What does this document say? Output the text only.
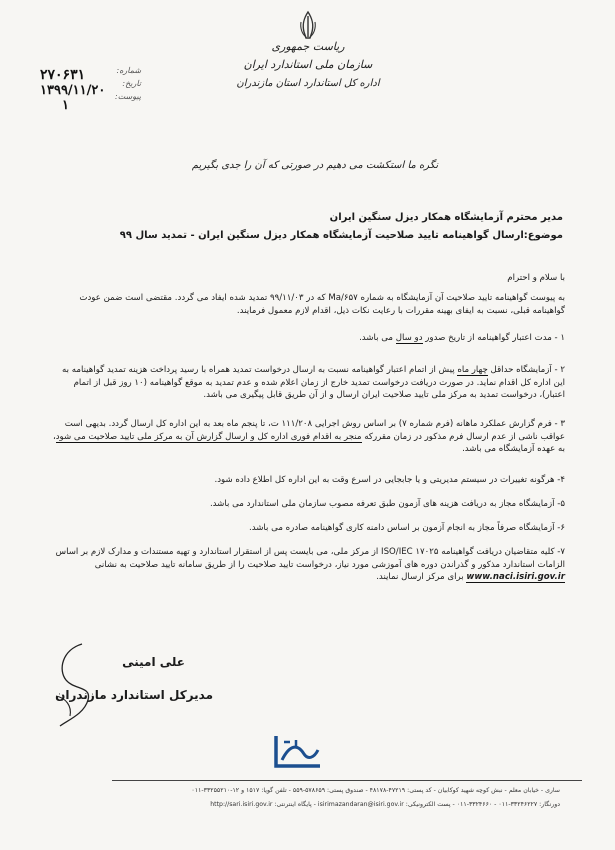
ریاست جمهوری
سازمان ملی استاندارد ایران
اداره کل استاندارد استان مازندران
۲۷۰۶۳۱
۱۳۹۹/۱۱/۲۰
۱
شماره:
تاریخ:
پیوست:
نگره ما استکشت می دهیم در صورتی که آن را جدی بگیریم
مدیر محترم آزمایشگاه همکار دیزل سنگین ایران
موضوع:ارسال گواهینامه تایید صلاحیت آزمایشگاه همکار دیزل سنگین ایران - تمدید سال ۹۹
با سلام و احترام
به پیوست گواهینامه تایید صلاحیت آن آزمایشگاه به شماره Ma/۶۵۷ که در ۹۹/۱۱/۰۳ تمدید شده ایفاد می گردد. مقتضی است ضمن عودت گواهینامه قبلی، نسبت به ایفای بهینه مقررات با رعایت نکات ذیل، اقدام لازم معمول فرمایند.
۱ - مدت اعتبار گواهینامه از تاریخ صدور دو سال می باشد.
۲ - آزمایشگاه حداقل چهار ماه پیش از اتمام اعتبار گواهینامه نسبت به ارسال درخواست تمدید همراه با رسید پرداخت هزینه تمدید گواهینامه به این اداره کل اقدام نماید. در صورت دریافت درخواست تمدید خارج از زمان اعلام شده و عدم تمدید به موقع گواهینامه (۱۰ روز قبل از اتمام اعتبار)، درخواست تمدید به مرکز ملی تایید صلاحیت ایران ارسال و از آن طریق قابل پیگیری می باشد.
۳ - فرم گزارش عملکرد ماهانه (فرم شماره ۷) بر اساس روش اجرایی ۱۱۱/۲۰۸ ت، تا پنجم ماه بعد به این اداره کل ارسال گردد. بدیهی است عواقب ناشی از عدم ارسال فرم مذکور در زمان مقررکه منجر به اقدام فوری اداره کل و ارسال گزارش آن به مرکز ملی تایید صلاحیت می شود، به عهده آزمایشگاه می باشد.
۴- هرگونه تغییرات در سیستم مدیریتی و یا جابجایی در اسرع وقت به این اداره کل اطلاع داده شود.
۵- آزمایشگاه مجاز به دریافت هزینه های آزمون طبق تعرفه مصوب سازمان ملی استاندارد می باشد.
۶- آزمایشگاه صرفاً مجاز به انجام آزمون بر اساس دامنه کاری گواهینامه صادره می باشد.
۷- کلیه متقاضیان دریافت گواهینامه ISO/IEC ۱۷۰۲۵ از مرکز ملی، می بایست پس از استقرار استاندارد و تهیه مستندات و مدارک لازم بر اساس الزامات استاندارد مذکور و گذراندن دوره های آموزشی مورد نیاز، درخواست تایید صلاحیت را از طریق سامانه تایید صلاحیت به نشانی www.naci.isiri.gov.ir برای مرکز ارسال نمایند.
علی امینی
مدیرکل استاندارد مازندران
ساری - خیابان معلم - نبش کوچه شهید کوکابیان - کد پستی: ۴۷۲۱۹-۴۸۱۷۸ - صندوق پستی: ۵۷۸۶۵۹-۵۵۹ - تلفن گویا: ۱۵۱۷ و ۱۲-۳۳۲۵۵۲۱۰-۰۱۱
دورنگار: ۳۳۲۴۶۲۲۷-۰۱۱ - ۳۳۲۴۶۶۰-۰۱۱ - پست الکترونیکی: isirimazandaran@isiri.gov.ir - پایگاه اینترنتی: http://sari.isiri.gov.ir
